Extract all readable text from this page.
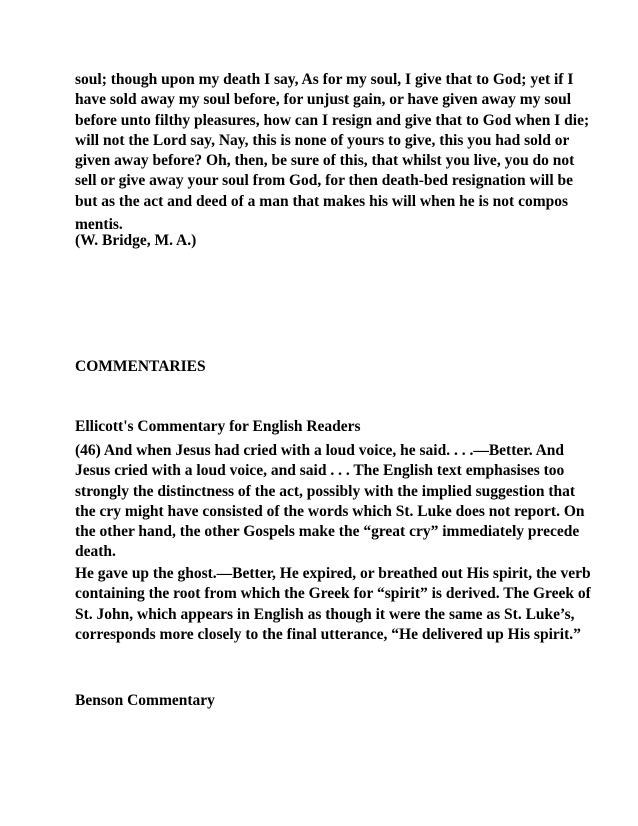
soul; though upon my death I say, As for my soul, I give that to God; yet if I
have sold away my soul before, for unjust gain, or have given away my soul
before unto filthy pleasures, how can I resign and give that to God when I die;
will not the Lord say, Nay, this is none of yours to give, this you had sold or
given away before? Oh, then, be sure of this, that whilst you live, you do not
sell or give away your soul from God, for then death-bed resignation will be
but as the act and deed of a man that makes his will when he is not compos
mentis.
(W. Bridge, M. A.)
COMMENTARIES
Ellicott's Commentary for English Readers
(46) And when Jesus had cried with a loud voice, he said. . . .—Better. And
Jesus cried with a loud voice, and said . . . The English text emphasises too
strongly the distinctness of the act, possibly with the implied suggestion that
the cry might have consisted of the words which St. Luke does not report. On
the other hand, the other Gospels make the “great cry” immediately precede
death.
He gave up the ghost.—Better, He expired, or breathed out His spirit, the verb
containing the root from which the Greek for “spirit” is derived. The Greek of
St. John, which appears in English as though it were the same as St. Luke’s,
corresponds more closely to the final utterance, “He delivered up His spirit.”
Benson Commentary
